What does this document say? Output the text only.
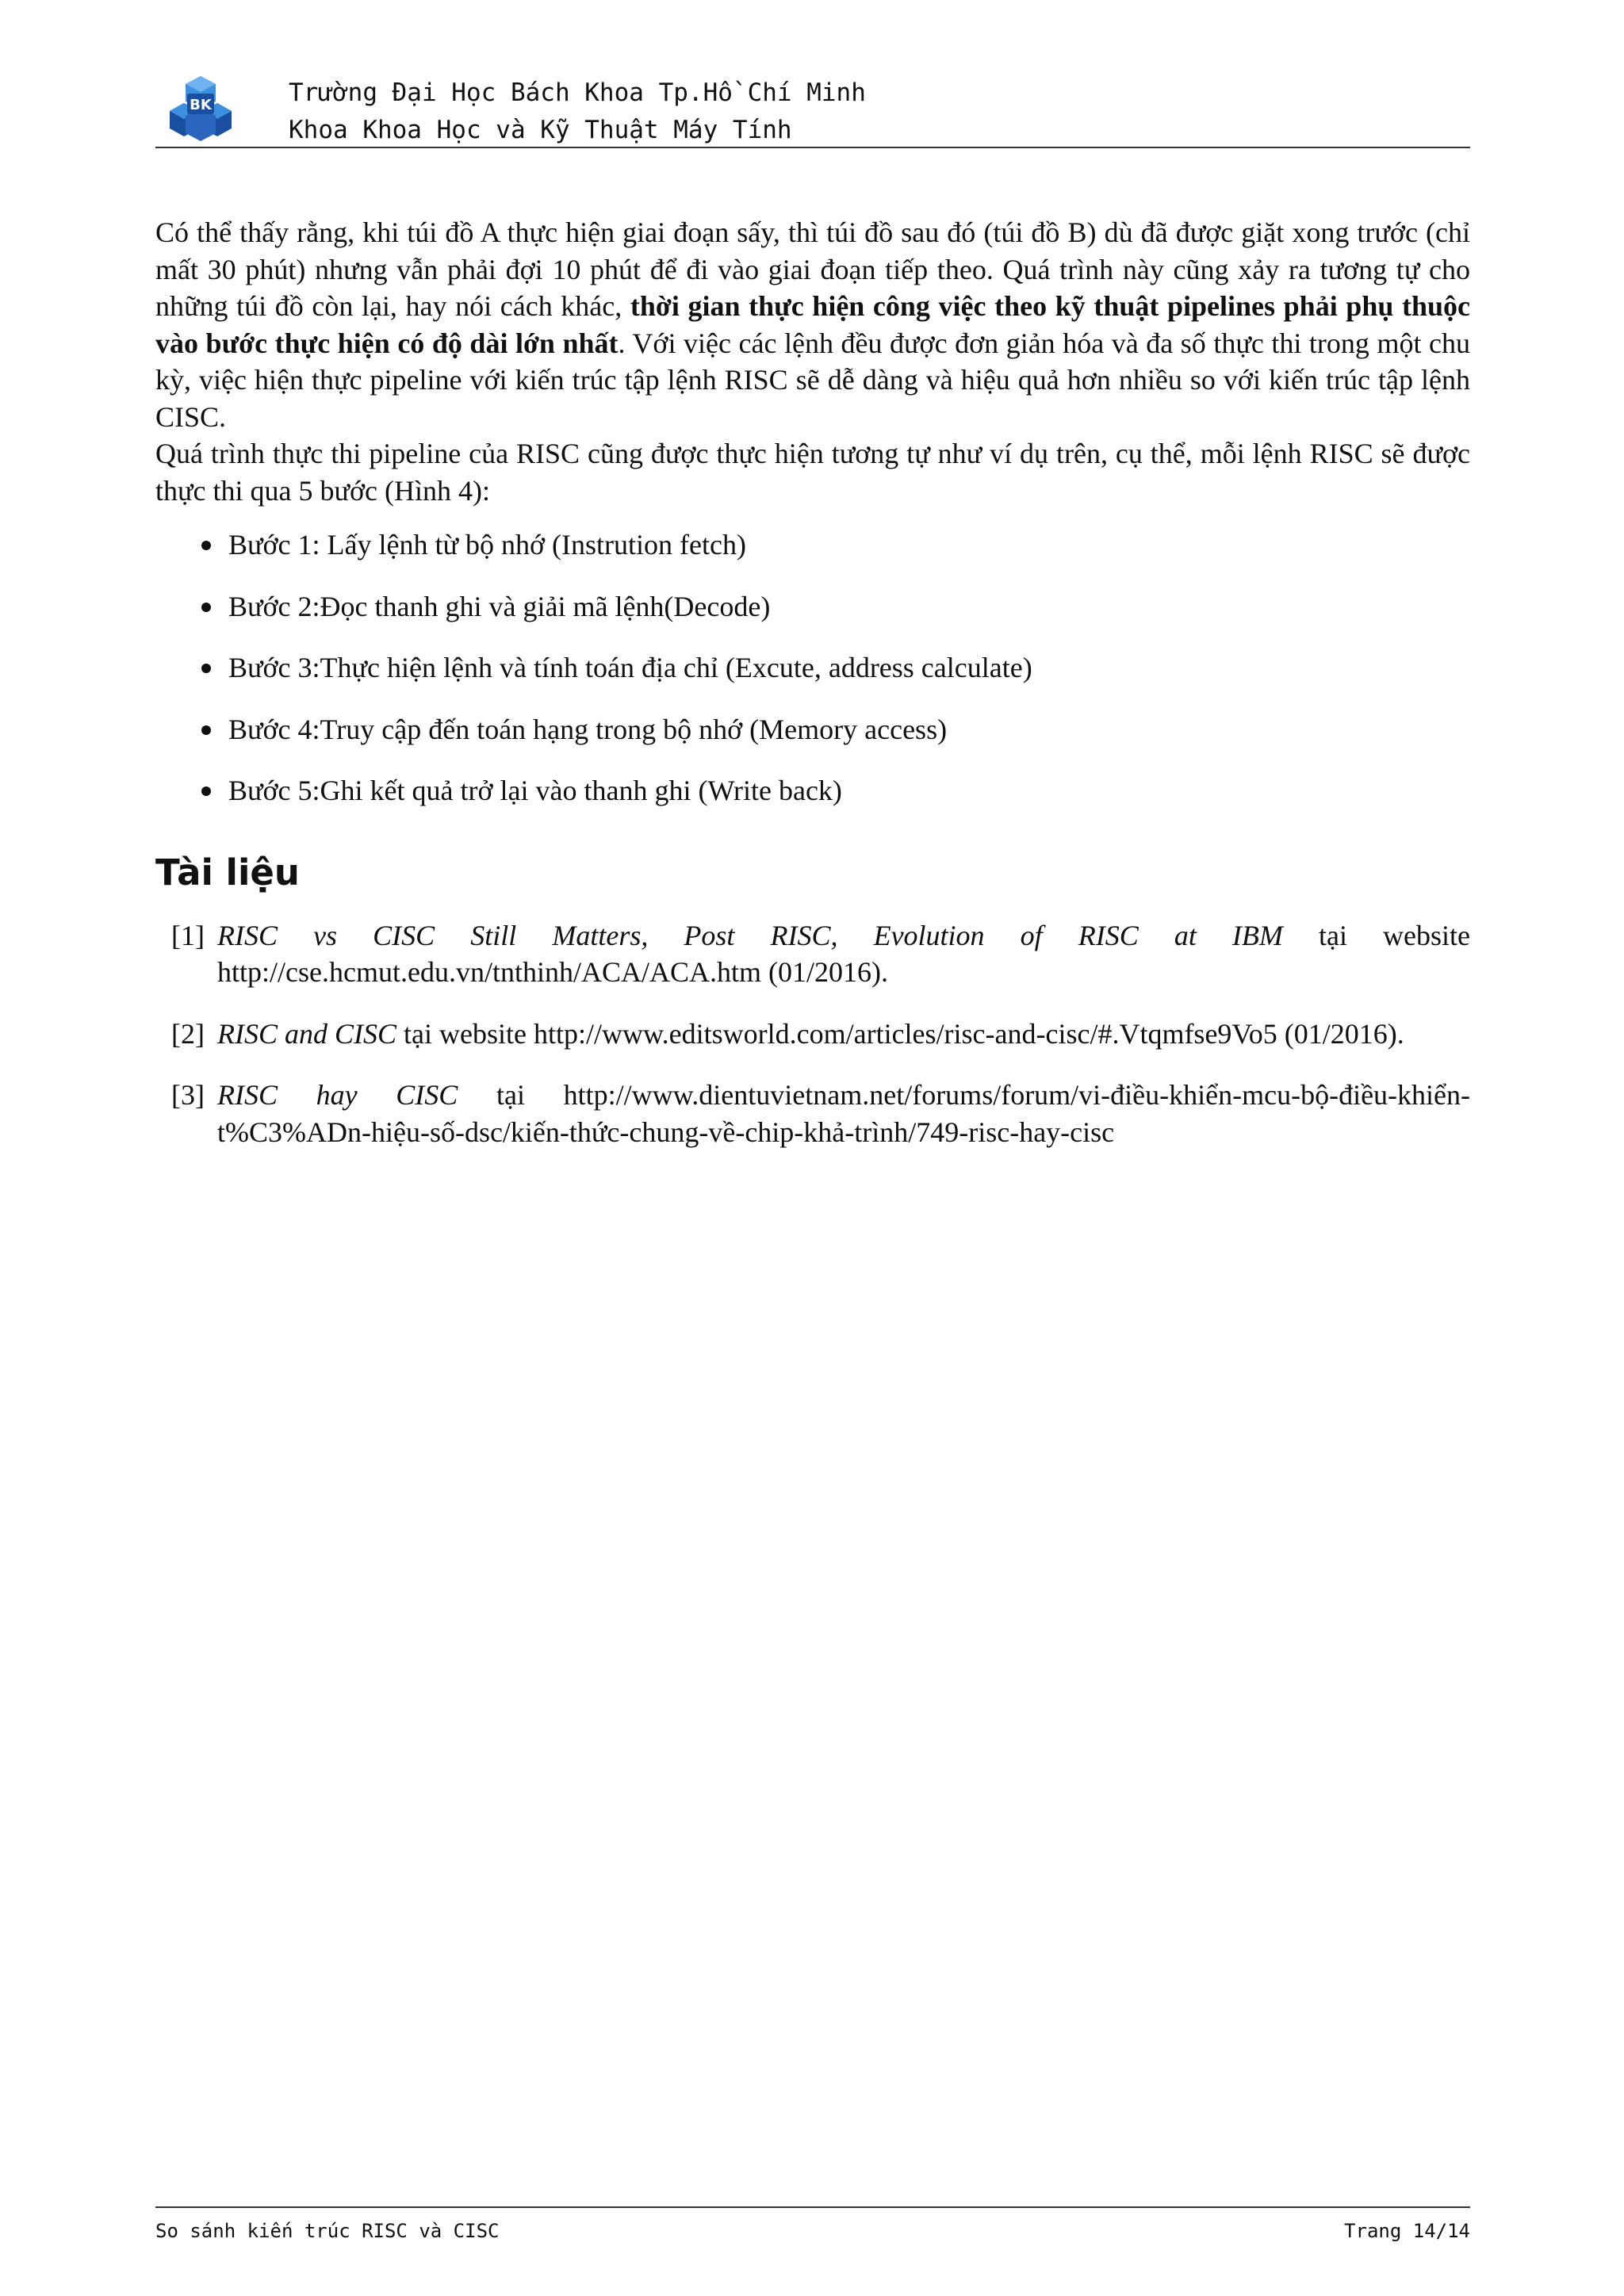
BK	Trường Đại Học Bách Khoa Tp.Hồ Chí Minh
Khoa Khoa Học và Kỹ Thuật Máy Tính

Có thể thấy rằng, khi túi đồ A thực hiện giai đoạn sấy, thì túi đồ sau đó (túi đồ B) dù đã được giặt xong trước (chỉ mất 30 phút) nhưng vẫn phải đợi 10 phút để đi vào giai đoạn tiếp theo. Quá trình này cũng xảy ra tương tự cho những túi đồ còn lại, hay nói cách khác, thời gian thực hiện công việc theo kỹ thuật pipelines phải phụ thuộc vào bước thực hiện có độ dài lớn nhất. Với việc các lệnh đều được đơn giản hóa và đa số thực thi trong một chu kỳ, việc hiện thực pipeline với kiến trúc tập lệnh RISC sẽ dễ dàng và hiệu quả hơn nhiều so với kiến trúc tập lệnh CISC.

Quá trình thực thi pipeline của RISC cũng được thực hiện tương tự như ví dụ trên, cụ thể, mỗi lệnh RISC sẽ được thực thi qua 5 bước (Hình 4):

Bước 1: Lấy lệnh từ bộ nhớ (Instrution fetch)
Bước 2:Đọc thanh ghi và giải mã lệnh(Decode)
Bước 3:Thực hiện lệnh và tính toán địa chỉ (Excute, address calculate)
Bước 4:Truy cập đến toán hạng trong bộ nhớ (Memory access)
Bước 5:Ghi kết quả trở lại vào thanh ghi (Write back)
Tài liệu
[1] RISC vs CISC Still Matters, Post RISC, Evolution of RISC at IBM tại website http://cse.hcmut.edu.vn/tnthinh/ACA/ACA.htm (01/2016).
[2] RISC and CISC tại website http://www.editsworld.com/articles/risc-and-cisc/#.Vtqmfse9Vo5 (01/2016).
[3] RISC hay CISC tại http://www.dientuvietnam.net/forums/forum/vi-điều-khiển-mcu-bộ-điều-khiển-t%C3%ADn-hiệu-số-dsc/kiến-thức-chung-về-chip-khả-trình/749-risc-hay-cisc
So sánh kiến trúc RISC và CISC	Trang 14/14
